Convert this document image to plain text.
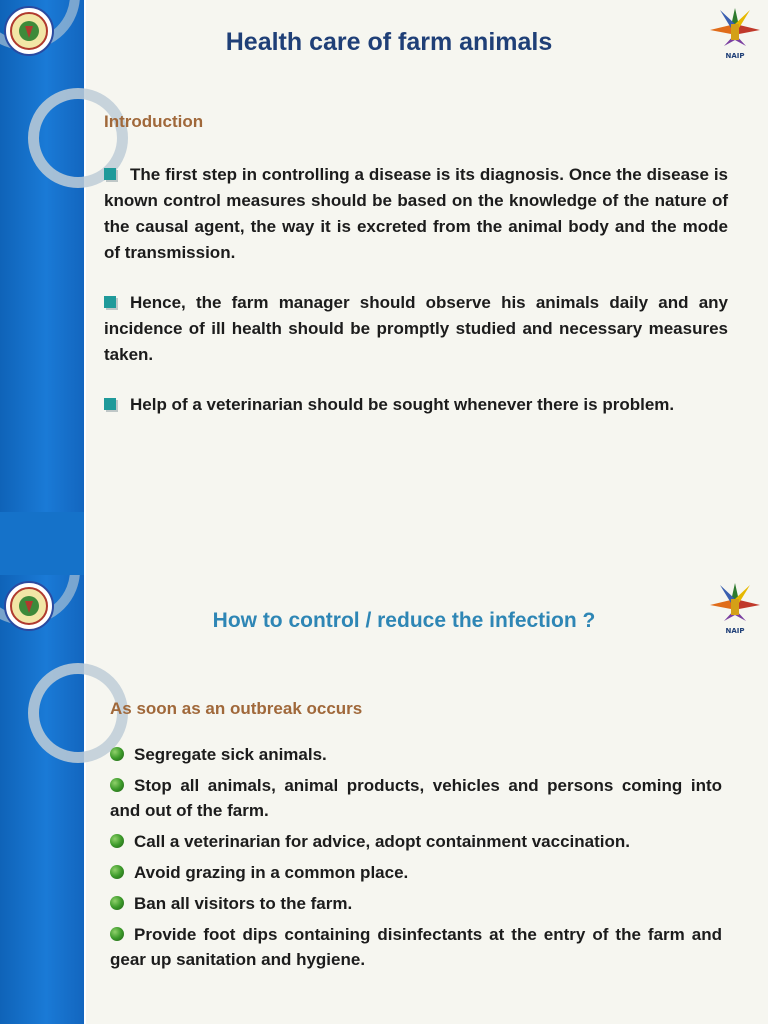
NAIP
Health care of farm animals
Introduction
The first step in controlling a disease is its diagnosis. Once the disease is known control measures should be based on the knowledge of the nature of the causal agent, the way it is excreted from the animal body and the mode of transmission.
Hence, the farm manager should observe his animals daily and any incidence of ill health should be promptly studied and necessary measures taken.
Help of a veterinarian should be sought whenever there is problem.
NAIP
How to control / reduce the infection ?
As soon as an outbreak occurs
Segregate sick animals.
Stop all animals, animal products, vehicles and persons coming into and out of the farm.
Call a veterinarian for advice, adopt containment vaccination.
Avoid grazing in a common place.
Ban all visitors to the farm.
Provide foot dips containing disinfectants at the entry of the farm and gear up sanitation and hygiene.
